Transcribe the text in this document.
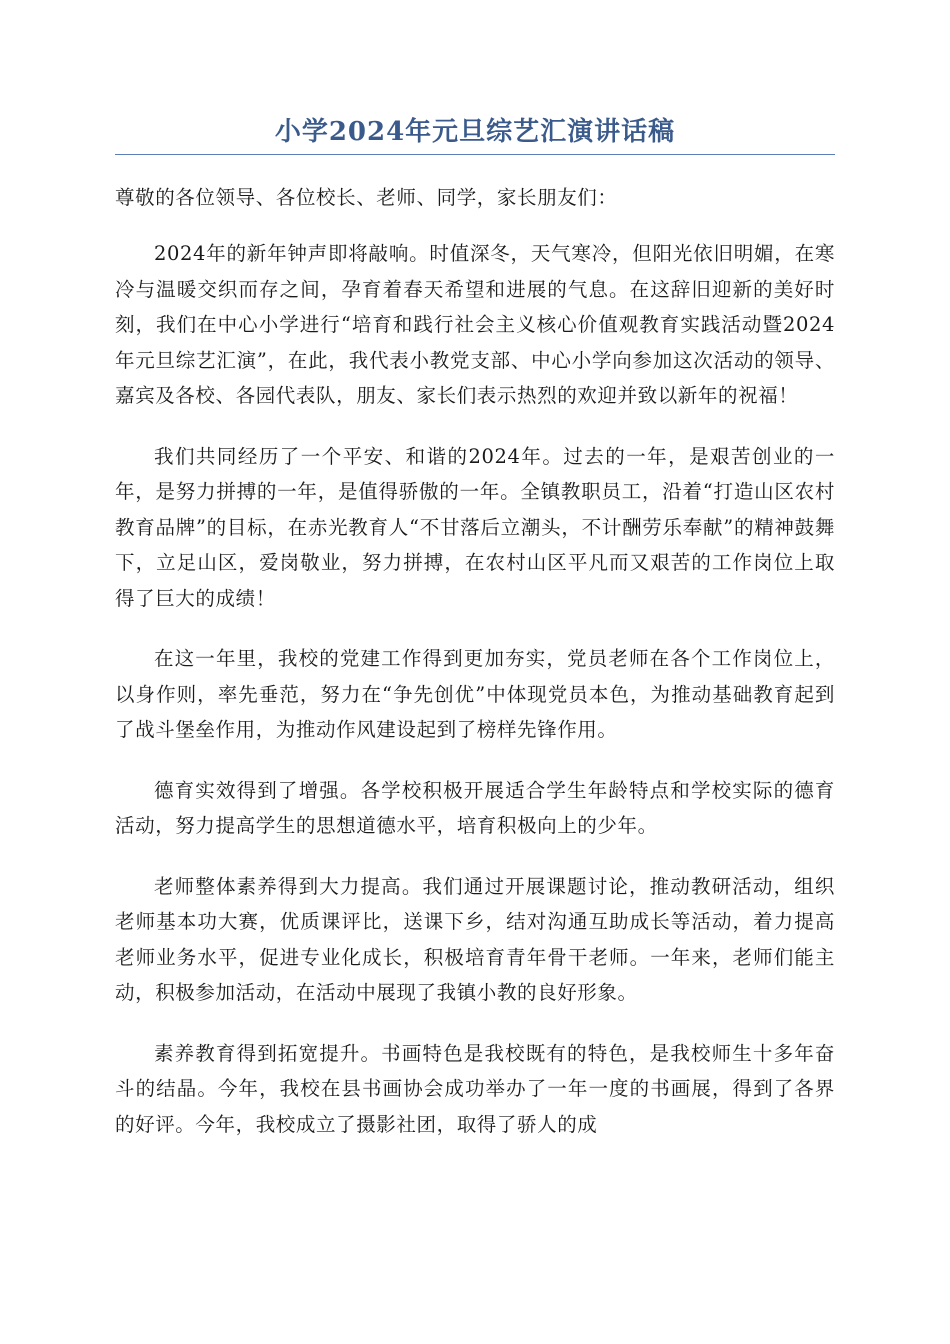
小学2024年元旦综艺汇演讲话稿

尊敬的各位领导、各位校长、老师、同学，家长朋友们：

2024年的新年钟声即将敲响。时值深冬，天气寒冷，但阳光依旧明媚，在寒冷与温暖交织而存之间，孕育着春天希望和进展的气息。在这辞旧迎新的美好时刻，我们在中心小学进行“培育和践行社会主义核心价值观教育实践活动暨2024年元旦综艺汇演”，在此，我代表小教党支部、中心小学向参加这次活动的领导、嘉宾及各校、各园代表队，朋友、家长们表示热烈的欢迎并致以新年的祝福！

我们共同经历了一个平安、和谐的2024年。过去的一年，是艰苦创业的一年，是努力拼搏的一年，是值得骄傲的一年。全镇教职员工，沿着“打造山区农村教育品牌”的目标，在赤光教育人“不甘落后立潮头，不计酬劳乐奉献”的精神鼓舞下，立足山区，爱岗敬业，努力拼搏，在农村山区平凡而又艰苦的工作岗位上取得了巨大的成绩！

在这一年里，我校的党建工作得到更加夯实，党员老师在各个工作岗位上，以身作则，率先垂范，努力在“争先创优”中体现党员本色，为推动基础教育起到了战斗堡垒作用，为推动作风建设起到了榜样先锋作用。

德育实效得到了增强。各学校积极开展适合学生年龄特点和学校实际的德育活动，努力提高学生的思想道德水平，培育积极向上的少年。

老师整体素养得到大力提高。我们通过开展课题讨论，推动教研活动，组织老师基本功大赛，优质课评比，送课下乡，结对沟通互助成长等活动，着力提高老师业务水平，促进专业化成长，积极培育青年骨干老师。一年来，老师们能主动，积极参加活动，在活动中展现了我镇小教的良好形象。

素养教育得到拓宽提升。书画特色是我校既有的特色，是我校师生十多年奋斗的结晶。今年，我校在县书画协会成功举办了一年一度的书画展，得到了各界的好评。今年，我校成立了摄影社团，取得了骄人的成
